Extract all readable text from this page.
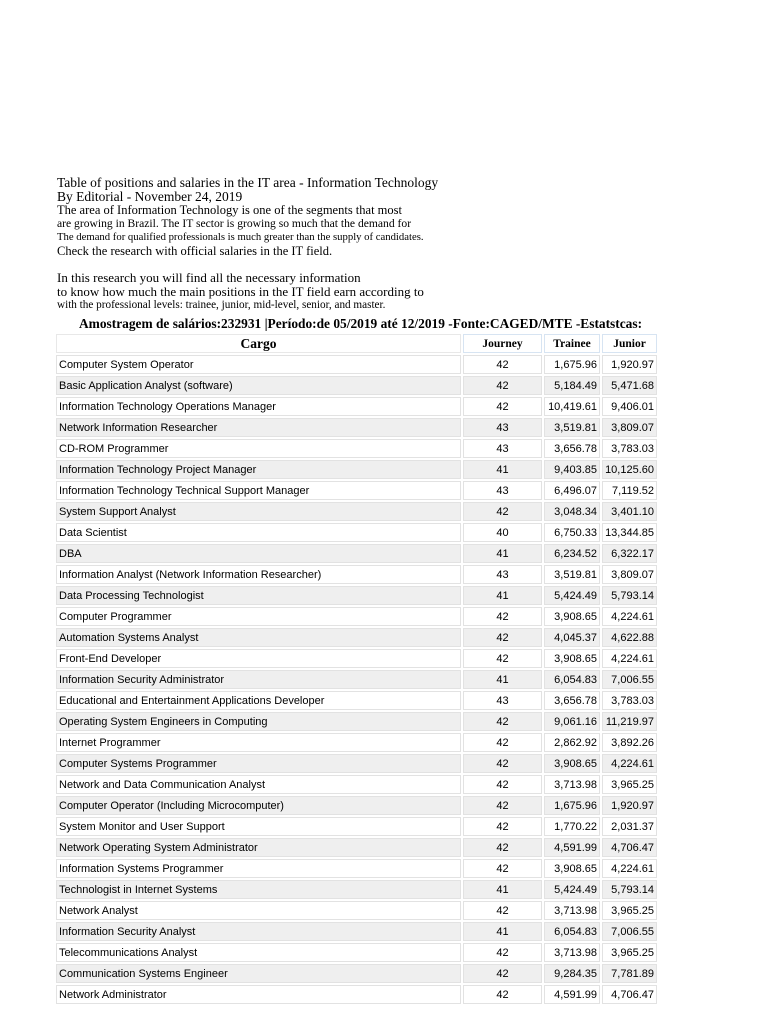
Table of positions and salaries in the IT area - Information Technology
By Editorial - November 24, 2019
The area of Information Technology is one of the segments that most
are growing in Brazil. The IT sector is growing so much that the demand for
The demand for qualified professionals is much greater than the supply of candidates.
Check the research with official salaries in the IT field.
In this research you will find all the necessary information
to know how much the main positions in the IT field earn according to
with the professional levels: trainee, junior, mid-level, senior, and master.
Amostragem de salários:232931 |Período:de 05/2019 até 12/2019 -Fonte:CAGED/MTE -Estatstcas:
Cargo	Journey	Trainee	Junior
Computer System Operator	42	1,675.96	1,920.97
Basic Application Analyst (software)	42	5,184.49	5,471.68
Information Technology Operations Manager	42	10,419.61	9,406.01
Network Information Researcher	43	3,519.81	3,809.07
CD-ROM Programmer	43	3,656.78	3,783.03
Information Technology Project Manager	41	9,403.85	10,125.60
Information Technology Technical Support Manager	43	6,496.07	7,119.52
System Support Analyst	42	3,048.34	3,401.10
Data Scientist	40	6,750.33	13,344.85
DBA	41	6,234.52	6,322.17
Information Analyst (Network Information Researcher)	43	3,519.81	3,809.07
Data Processing Technologist	41	5,424.49	5,793.14
Computer Programmer	42	3,908.65	4,224.61
Automation Systems Analyst	42	4,045.37	4,622.88
Front-End Developer	42	3,908.65	4,224.61
Information Security Administrator	41	6,054.83	7,006.55
Educational and Entertainment Applications Developer	43	3,656.78	3,783.03
Operating System Engineers in Computing	42	9,061.16	11,219.97
Internet Programmer	42	2,862.92	3,892.26
Computer Systems Programmer	42	3,908.65	4,224.61
Network and Data Communication Analyst	42	3,713.98	3,965.25
Computer Operator (Including Microcomputer)	42	1,675.96	1,920.97
System Monitor and User Support	42	1,770.22	2,031.37
Network Operating System Administrator	42	4,591.99	4,706.47
Information Systems Programmer	42	3,908.65	4,224.61
Technologist in Internet Systems	41	5,424.49	5,793.14
Network Analyst	42	3,713.98	3,965.25
Information Security Analyst	41	6,054.83	7,006.55
Telecommunications Analyst	42	3,713.98	3,965.25
Communication Systems Engineer	42	9,284.35	7,781.89
Network Administrator	42	4,591.99	4,706.47
